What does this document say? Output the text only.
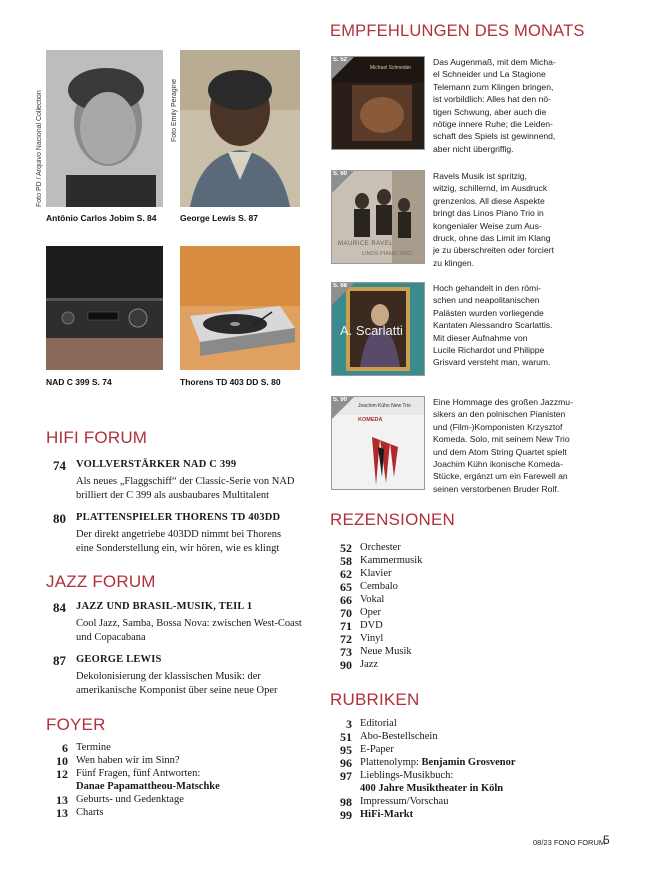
Foto PD / Arquivo Nacional Collection
Antônio Carlos Jobim S. 84
Foto Emily Peragine
George Lewis S. 87
NAD C 399 S. 74	Thorens TD 403 DD S. 80
HIFI FORUM
74 VOLLVERSTÄRKER NAD C 399
Als neues „Flaggschiff“ der Classic-Serie von NAD
brilliert der C 399 als ausbaubares Multitalent
80 PLATTENSPIELER THORENS TD 403DD
Der direkt angetriebe 403DD nimmt bei Thorens
eine Sonderstellung ein, wir hören, wie es klingt
JAZZ FORUM
84 JAZZ UND BRASIL-MUSIK, TEIL 1
Cool Jazz, Samba, Bossa Nova: zwischen West-Coast
und Copacabana
87 GEORGE LEWIS
Dekolonisierung der klassischen Musik: der
amerikanische Komponist über seine neue Oper
FOYER
6 Termine
10 Wen haben wir im Sinn?
12 Fünf Fragen, fünf Antworten:
Danae Papamattheou-Matschke
13 Geburts- und Gedenktage
13 Charts
EMPFEHLUNGEN DES MONATS
Michael Schneider
S. 52	Das Augenmaß, mit dem Micha-
el Schneider und La Stagione
Telemann zum Klingen bringen,
ist vorbildlich: Alles hat den nö-
tigen Schwung, aber auch die
nötige innere Ruhe; die Leiden-
schaft des Spiels ist gewinnend,
aber nicht übergriffig.
MAURICE RAVEL
LINOS PIANO TRIO
S. 60	Ravels Musik ist spritzig,
witzig, schillernd, im Ausdruck
grenzenlos. All diese Aspekte
bringt das Linos Piano Trio in
kongenialer Weise zum Aus-
druck, ohne das Limit im Klang
je zu überschreiten oder forciert
zu klingen.
A. Scarlatti
S. 68	Hoch gehandelt in den römi-
schen und neapolitanischen
Palästen wurden vorliegende
Kantaten Alessandro Scarlattis.
Mit dieser Aufnahme von
Lucile Richardot und Philippe
Grisvard versteht man, warum.
Joachim Kühn New Trio
KOMEDA
S. 90	Eine Hommage des großen Jazzmu-
sikers an den polnischen Pianisten
und (Film-)Komponisten Krzysztof
Komeda. Solo, mit seinem New Trio
und dem Atom String Quartet spielt
Joachim Kühn ikonische Komeda-
Stücke, ergänzt um ein Farewell an
seinen verstorbenen Bruder Rolf.
REZENSIONEN
52 Orchester
58 Kammermusik
62 Klavier
65 Cembalo
66 Vokal
70 Oper
71 DVD
72 Vinyl
73 Neue Musik
90 Jazz
RUBRIKEN
3 Editorial
51 Abo-Bestellschein
95 E-Paper
96 Plattenolymp: Benjamin Grosvenor
97 Lieblings-Musikbuch:
400 Jahre Musiktheater in Köln
98 Impressum/Vorschau
99 HiFi-Markt
08/23 FONO FORUM
5
